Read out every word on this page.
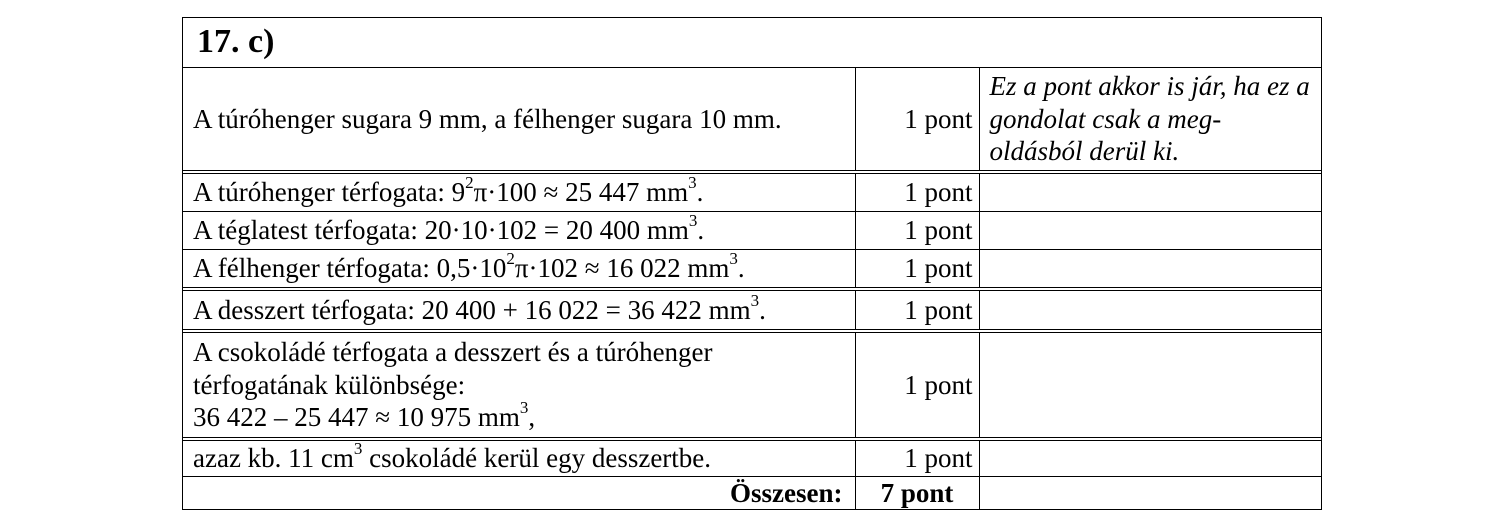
17. c)		
A túróhenger sugara 9 mm, a félhenger sugara 10 mm.	1 pont	Ez a pont akkor is jár, ha ez a gondolat csak a meg-oldásból derül ki.
A túróhenger térfogata: $9^2\pi\cdot 100 \approx 25$ 447 $mm^3$.	1 pont	
A téglatest térfogata: 20·10·102 = 20 400 $mm^3$.	1 pont	
A félhenger térfogata: $0,5\cdot 10^2\pi\cdot 102 \approx 16$ 022 $mm^3$.	1 pont	
A desszert térfogata: 20 400 + 16 022 = 36 422 $mm^3$.	1 pont	

A csokoládé térfogata a desszert és a túróhenger
térfogatának különbsége:
36 422 – 25 447 ≈ 10 975 $mm^3$,	1 pont	
azaz kb. 11 $cm^3$ csokoládé kerül egy desszertbe.	1 pont	
Összesen:	7 pont	
